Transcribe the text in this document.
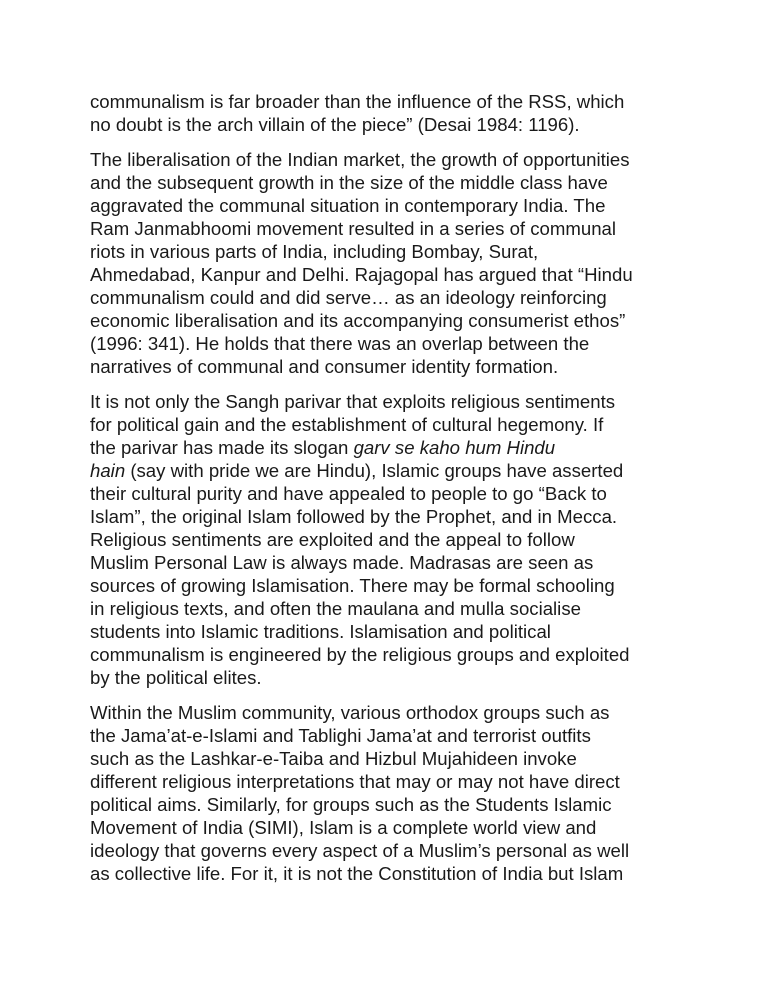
communalism is far broader than the influence of the RSS, which
no doubt is the arch villain of the piece” (Desai 1984: 1196).

The liberalisation of the Indian market, the growth of opportunities
and the subsequent growth in the size of the middle class have
aggravated the communal situation in contemporary India. The
Ram Janmabhoomi movement resulted in a series of communal
riots in various parts of India, including Bombay, Surat,
Ahmedabad, Kanpur and Delhi. Rajagopal has argued that “Hindu
communalism could and did serve… as an ideology reinforcing
economic liberalisation and its accompanying consumerist ethos”
(1996: 341). He holds that there was an overlap between the
narratives of communal and consumer identity formation.

It is not only the Sangh parivar that exploits religious sentiments
for political gain and the establishment of cultural hegemony. If
the parivar has made its slogan garv se kaho hum Hindu
hain (say with pride we are Hindu), Islamic groups have asserted
their cultural purity and have appealed to people to go “Back to
Islam”, the original Islam followed by the Prophet, and in Mecca.
Religious sentiments are exploited and the appeal to follow
Muslim Personal Law is always made. Madrasas are seen as
sources of growing Islamisation. There may be formal schooling
in religious texts, and often the maulana and mulla socialise
students into Islamic traditions. Islamisation and political
communalism is engineered by the religious groups and exploited
by the political elites.

Within the Muslim community, various orthodox groups such as
the Jama’at-e-Islami and Tablighi Jama’at and terrorist outfits
such as the Lashkar-e-Taiba and Hizbul Mujahideen invoke
different religious interpretations that may or may not have direct
political aims. Similarly, for groups such as the Students Islamic
Movement of India (SIMI), Islam is a complete world view and
ideology that governs every aspect of a Muslim’s personal as well
as collective life. For it, it is not the Constitution of India but Islam
